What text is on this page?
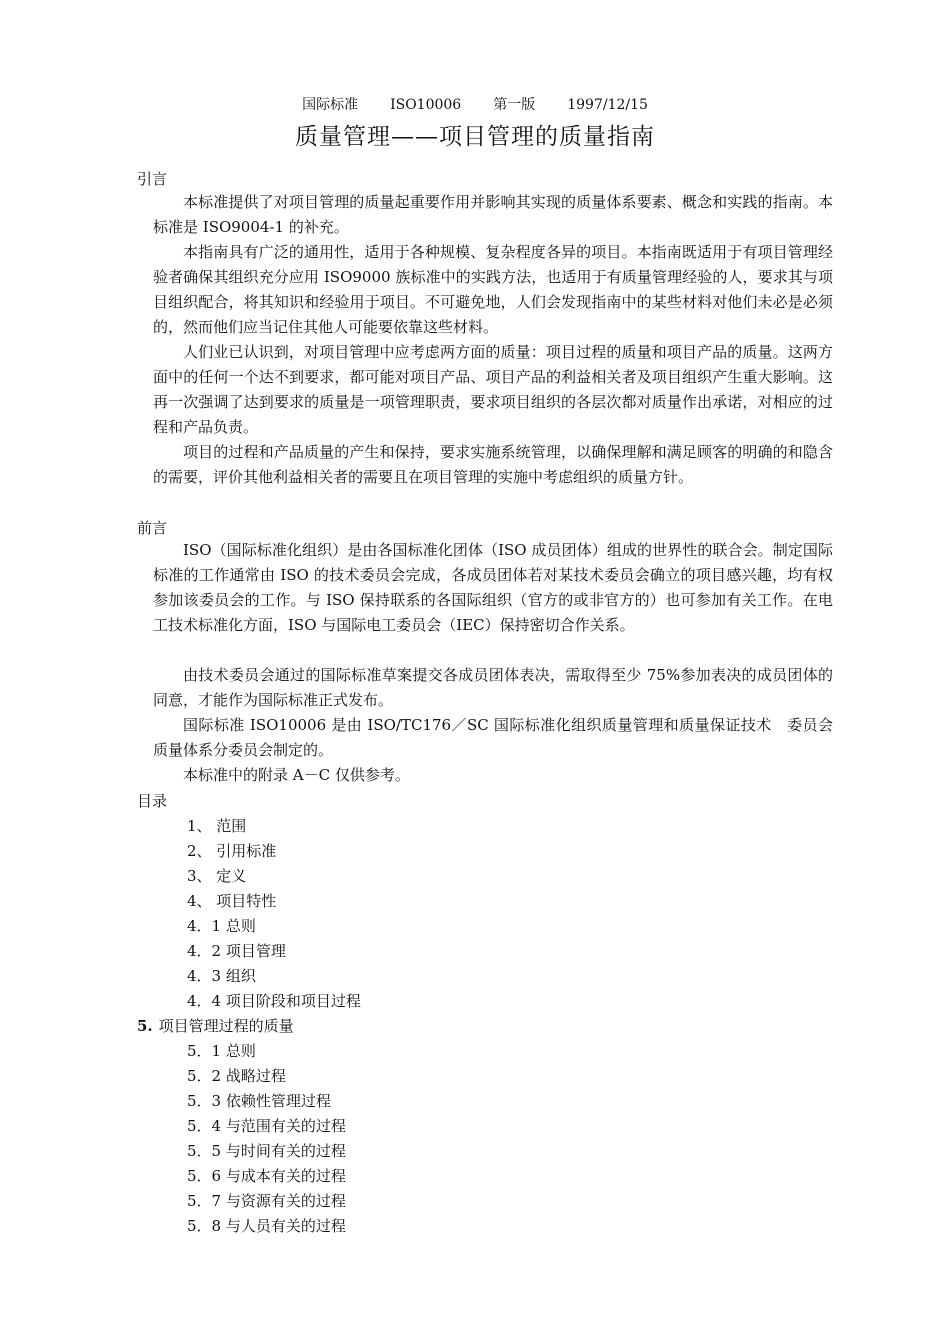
国际标准 ISO10006 第一版 1997/12/15
质量管理——项目管理的质量指南
引言

本标准提供了对项目管理的质量起重要作用并影响其实现的质量体系要素、概念和实践的指南。本标准是 ISO9004-1 的补充。

本指南具有广泛的通用性，适用于各种规模、复杂程度各异的项目。本指南既适用于有项目管理经验者确保其组织充分应用 ISO9000 族标准中的实践方法，也适用于有质量管理经验的人，要求其与项目组织配合，将其知识和经验用于项目。不可避免地，人们会发现指南中的某些材料对他们未必是必须的，然而他们应当记住其他人可能要依靠这些材料。

人们业已认识到，对项目管理中应考虑两方面的质量：项目过程的质量和项目产品的质量。这两方面中的任何一个达不到要求，都可能对项目产品、项目产品的利益相关者及项目组织产生重大影响。这再一次强调了达到要求的质量是一项管理职责，要求项目组织的各层次都对质量作出承诺，对相应的过程和产品负责。

项目的过程和产品质量的产生和保持，要求实施系统管理，以确保理解和满足顾客的明确的和隐含的需要，评价其他利益相关者的需要且在项目管理的实施中考虑组织的质量方针。

前言

ISO（国际标准化组织）是由各国标准化团体（ISO 成员团体）组成的世界性的联合会。制定国际标准的工作通常由 ISO 的技术委员会完成，各成员团体若对某技术委员会确立的项目感兴趣，均有权参加该委员会的工作。与 ISO 保持联系的各国际组织（官方的或非官方的）也可参加有关工作。在电工技术标准化方面，ISO 与国际电工委员会（IEC）保持密切合作关系。

由技术委员会通过的国际标准草案提交各成员团体表决，需取得至少 75%参加表决的成员团体的同意，才能作为国际标准正式发布。

国际标准 ISO10006 是由 ISO/TC176／SC 国际标准化组织质量管理和质量保证技术　委员会质量体系分委员会制定的。

本标准中的附录 A－C 仅供参考。

目录
1、 范围
2、 引用标准
3、 定义
4、 项目特性
4．1 总则
4．2 项目管理
4．3 组织
4．4 项目阶段和项目过程
5. 项目管理过程的质量
5．1 总则
5．2 战略过程
5．3 依赖性管理过程
5．4 与范围有关的过程
5．5 与时间有关的过程
5．6 与成本有关的过程
5．7 与资源有关的过程
5．8 与人员有关的过程
